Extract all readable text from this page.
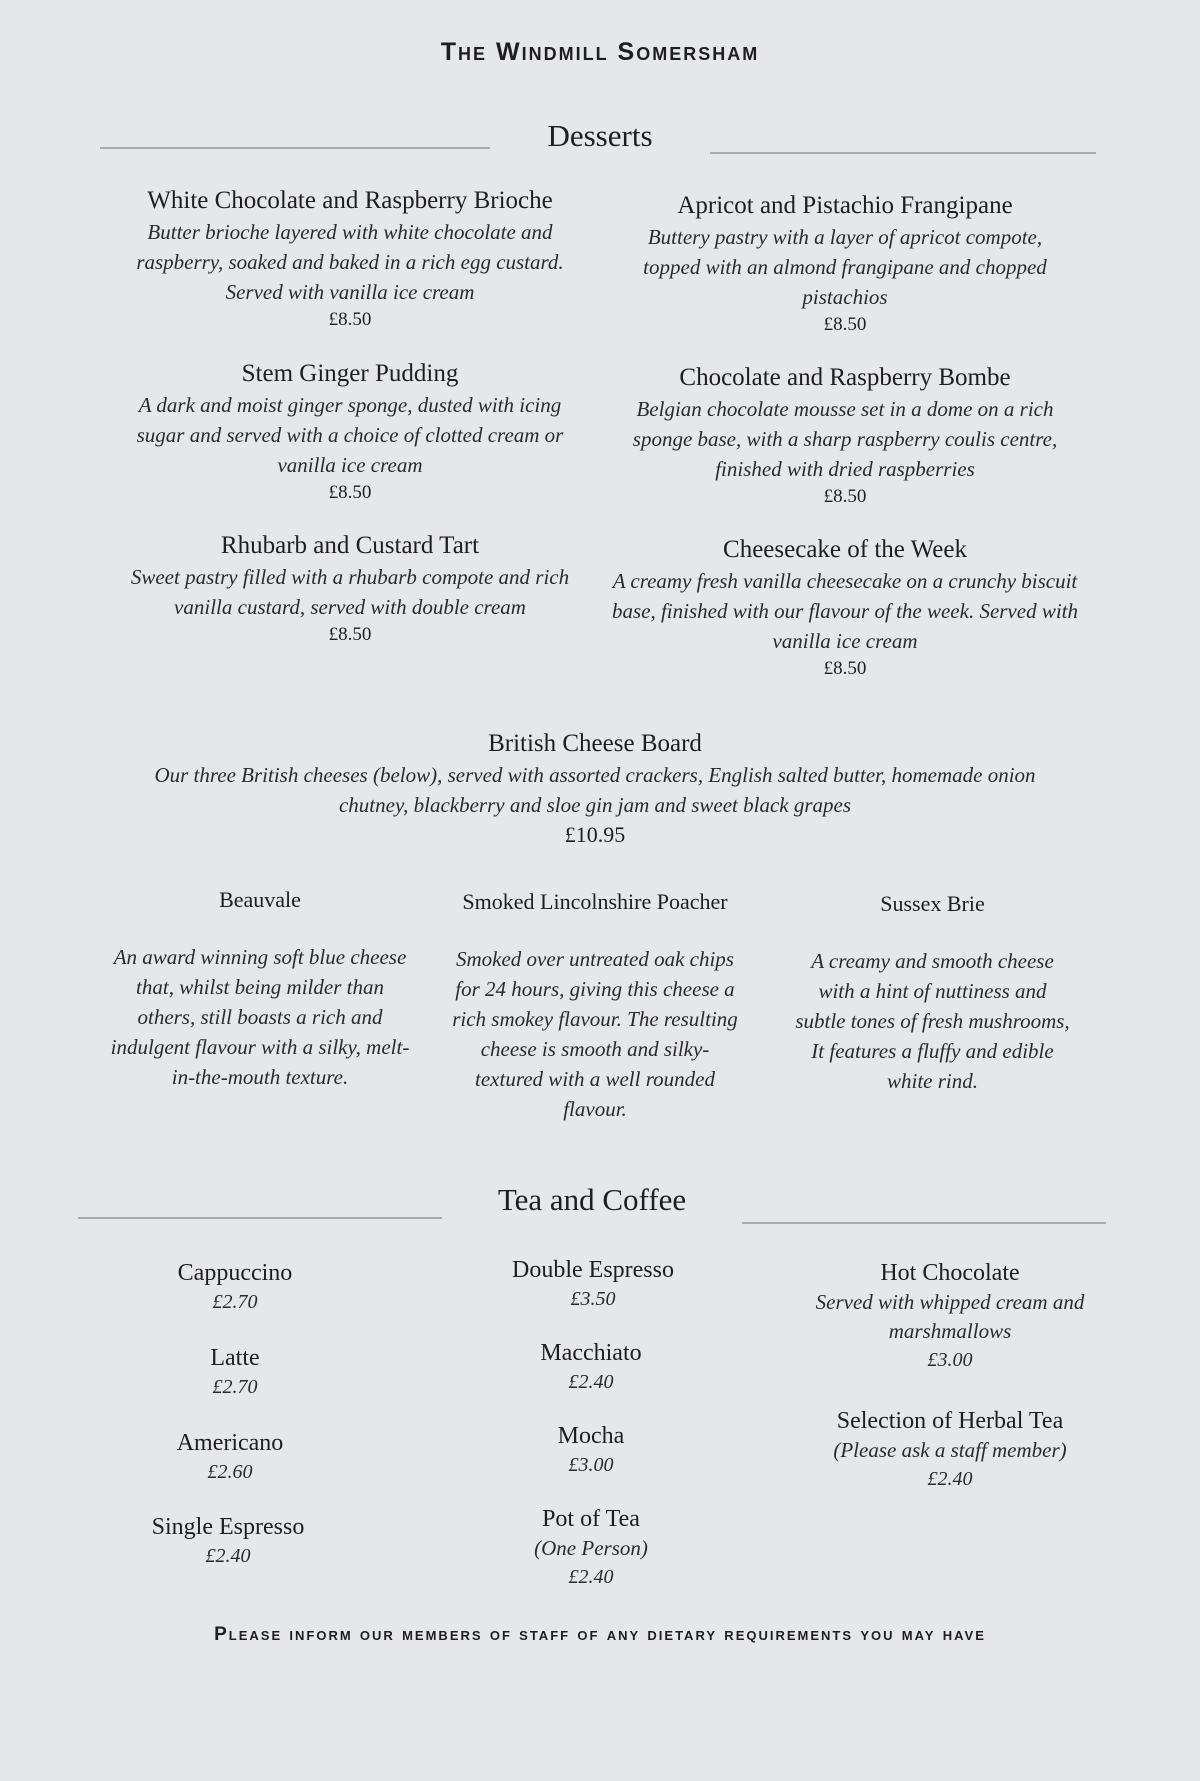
The Windmill Somersham
Desserts
White Chocolate and Raspberry Brioche
Butter brioche layered with white chocolate and raspberry, soaked and baked in a rich egg custard. Served with vanilla ice cream
£8.50
Apricot and Pistachio Frangipane
Buttery pastry with a layer of apricot compote, topped with an almond frangipane and chopped pistachios
£8.50
Stem Ginger Pudding
A dark and moist ginger sponge, dusted with icing sugar and served with a choice of clotted cream or vanilla ice cream
£8.50
Chocolate and Raspberry Bombe
Belgian chocolate mousse set in a dome on a rich sponge base, with a sharp raspberry coulis centre, finished with dried raspberries
£8.50
Rhubarb and Custard Tart
Sweet pastry filled with a rhubarb compote and rich vanilla custard, served with double cream
£8.50
Cheesecake of the Week
A creamy fresh vanilla cheesecake on a crunchy biscuit base, finished with our flavour of the week. Served with vanilla ice cream
£8.50
British Cheese Board
Our three British cheeses (below), served with assorted crackers, English salted butter, homemade onion chutney, blackberry and sloe gin jam and sweet black grapes
£10.95
Beauvale
An award winning soft blue cheese that, whilst being milder than others, still boasts a rich and indulgent flavour with a silky, melt-in-the-mouth texture.
Smoked Lincolnshire Poacher
Smoked over untreated oak chips for 24 hours, giving this cheese a rich smokey flavour. The resulting cheese is smooth and silky-textured with a well rounded flavour.
Sussex Brie
A creamy and smooth cheese with a hint of nuttiness and subtle tones of fresh mushrooms, It features a fluffy and edible white rind.
Tea and Coffee
Cappuccino
£2.70
Latte
£2.70
Americano
£2.60
Single Espresso
£2.40
Double Espresso
£3.50
Macchiato
£2.40
Mocha
£3.00
Pot of Tea
(One Person)
£2.40
Hot Chocolate
Served with whipped cream and marshmallows
£3.00
Selection of Herbal Tea
(Please ask a staff member)
£2.40
Please inform our members of staff of any dietary requirements you may have
